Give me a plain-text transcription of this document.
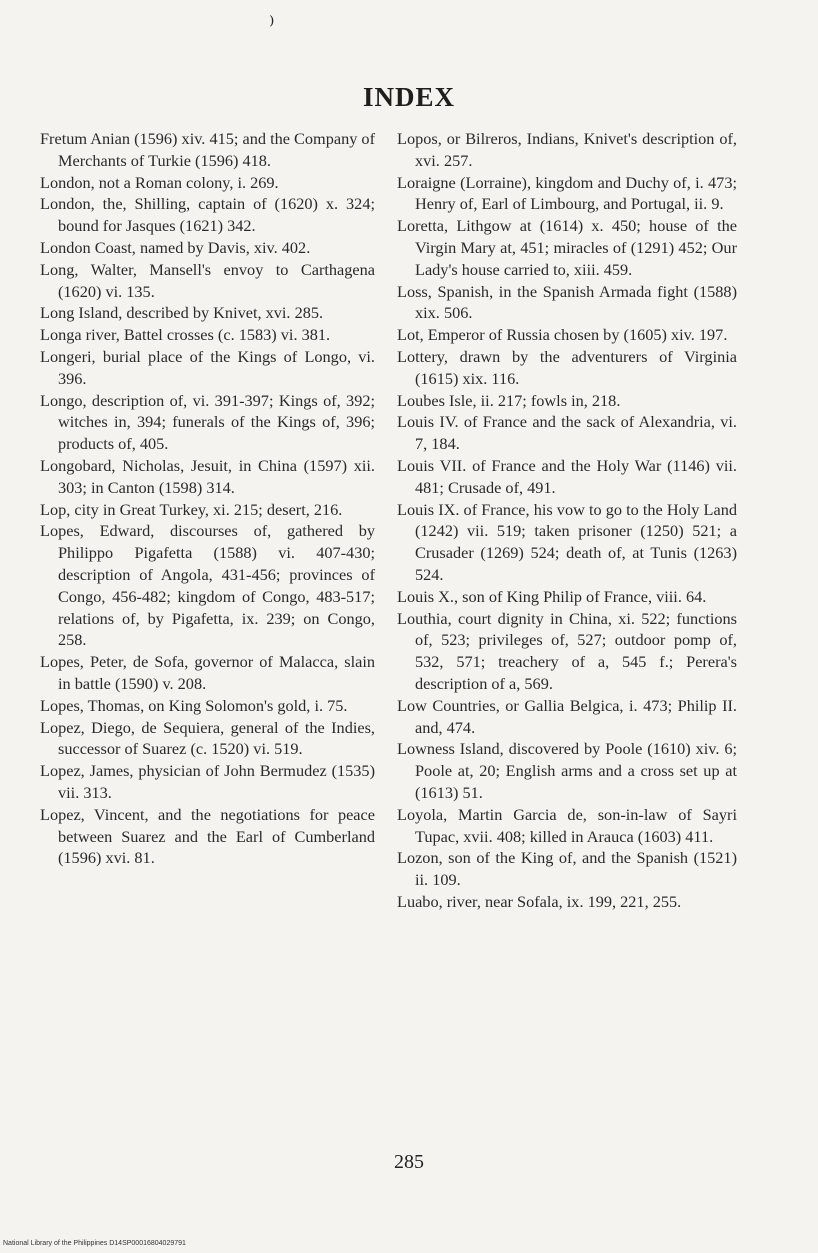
⁾
INDEX

Fretum Anian (1596) xiv. 415; and the Company of Merchants of Turkie (1596) 418.

London, not a Roman colony, i. 269.

London, the, Shilling, captain of (1620) x. 324; bound for Jasques (1621) 342.

London Coast, named by Davis, xiv. 402.

Long, Walter, Mansell's envoy to Carthagena (1620) vi. 135.

Long Island, described by Knivet, xvi. 285.

Longa river, Battel crosses (c. 1583) vi. 381.

Longeri, burial place of the Kings of Longo, vi. 396.

Longo, description of, vi. 391-397; Kings of, 392; witches in, 394; funerals of the Kings of, 396; products of, 405.

Longobard, Nicholas, Jesuit, in China (1597) xii. 303; in Canton (1598) 314.

Lop, city in Great Turkey, xi. 215; desert, 216.

Lopes, Edward, discourses of, gathered by Philippo Pigafetta (1588) vi. 407-430; description of Angola, 431-456; provinces of Congo, 456-482; kingdom of Congo, 483-517; relations of, by Pigafetta, ix. 239; on Congo, 258.

Lopes, Peter, de Sofa, governor of Malacca, slain in battle (1590) v. 208.

Lopes, Thomas, on King Solomon's gold, i. 75.

Lopez, Diego, de Sequiera, general of the Indies, successor of Suarez (c. 1520) vi. 519.

Lopez, James, physician of John Bermudez (1535) vii. 313.

Lopez, Vincent, and the negotiations for peace between Suarez and the Earl of Cumberland (1596) xvi. 81.

Lopos, or Bilreros, Indians, Knivet's description of, xvi. 257.

Loraigne (Lorraine), kingdom and Duchy of, i. 473; Henry of, Earl of Limbourg, and Portugal, ii. 9.

Loretta, Lithgow at (1614) x. 450; house of the Virgin Mary at, 451; miracles of (1291) 452; Our Lady's house carried to, xiii. 459.

Loss, Spanish, in the Spanish Armada fight (1588) xix. 506.

Lot, Emperor of Russia chosen by (1605) xiv. 197.

Lottery, drawn by the adventurers of Virginia (1615) xix. 116.

Loubes Isle, ii. 217; fowls in, 218.

Louis IV. of France and the sack of Alexandria, vi. 7, 184.

Louis VII. of France and the Holy War (1146) vii. 481; Crusade of, 491.

Louis IX. of France, his vow to go to the Holy Land (1242) vii. 519; taken prisoner (1250) 521; a Crusader (1269) 524; death of, at Tunis (1263) 524.

Louis X., son of King Philip of France, viii. 64.

Louthia, court dignity in China, xi. 522; functions of, 523; privileges of, 527; outdoor pomp of, 532, 571; treachery of a, 545 f.; Perera's description of a, 569.

Low Countries, or Gallia Belgica, i. 473; Philip II. and, 474.

Lowness Island, discovered by Poole (1610) xiv. 6; Poole at, 20; English arms and a cross set up at (1613) 51.

Loyola, Martin Garcia de, son-in-law of Sayri Tupac, xvii. 408; killed in Arauca (1603) 411.

Lozon, son of the King of, and the Spanish (1521) ii. 109.

Luabo, river, near Sofala, ix. 199, 221, 255.

285
National Library of the Philippines D14SP00016804029791
